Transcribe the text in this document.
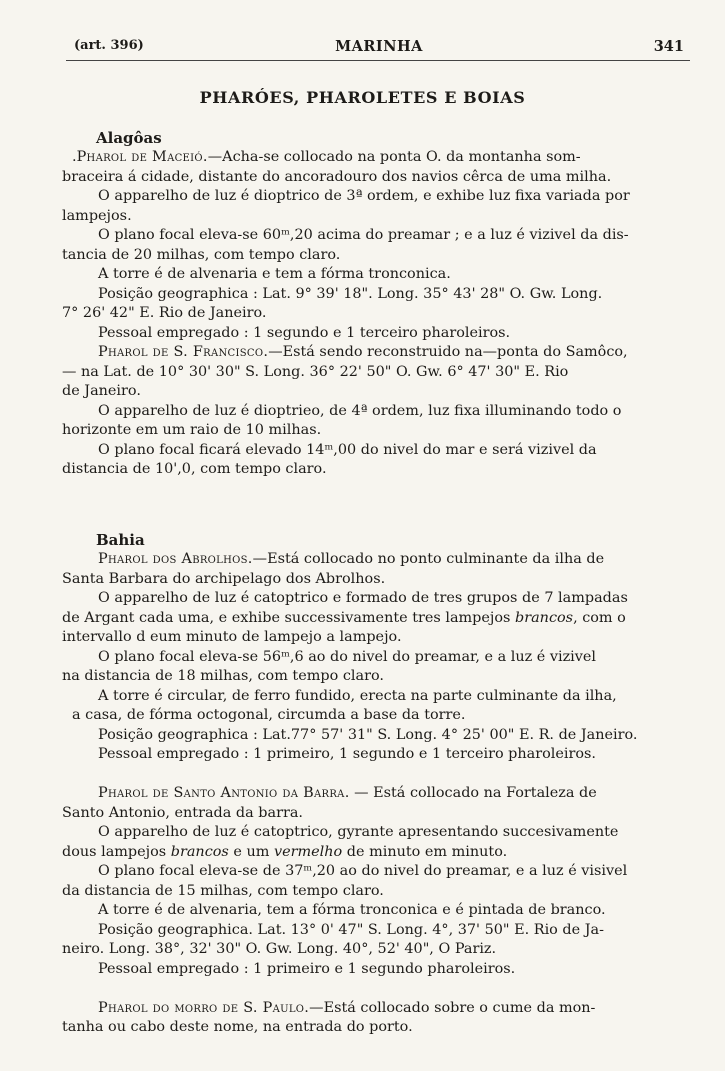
(art. 396)	MARINHA	341
PHARÓES, PHAROLETES E BOIAS
Alagôas
.Pharol de Maceió.—Acha-se collocado na ponta O. da montanha som-
braceira á cidade, distante do ancoradouro dos navios cêrca de uma milha.
O apparelho de luz é dioptrico de 3ª ordem, e exhibe luz fixa variada por
lampejos.
O plano focal eleva-se 60ᵐ,20 acima do preamar ; e a luz é vizivel da dis-
tancia de 20 milhas, com tempo claro.
A torre é de alvenaria e tem a fórma tronconica.
Posição geographica : Lat. 9° 39' 18". Long. 35° 43' 28" O. Gw. Long.
7° 26' 42" E. Rio de Janeiro.
Pessoal empregado : 1 segundo e 1 terceiro pharoleiros.
Pharol de S. Francisco.—Está sendo reconstruido na—ponta do Samôco,
— na Lat. de 10° 30' 30" S. Long. 36° 22' 50" O. Gw. 6° 47' 30" E. Rio
de Janeiro.
O apparelho de luz é dioptrieo, de 4ª ordem, luz fixa illuminando todo o
horizonte em um raio de 10 milhas.
O plano focal ficará elevado 14ᵐ,00 do nivel do mar e será vizivel da
distancia de 10',0, com tempo claro.
Bahia
Pharol dos Abrolhos.—Está collocado no ponto culminante da ilha de
Santa Barbara do archipelago dos Abrolhos.
O apparelho de luz é catoptrico e formado de tres grupos de 7 lampadas
de Argant cada uma, e exhibe successivamente tres lampejos brancos, com o
intervallo d eum minuto de lampejo a lampejo.
O plano focal eleva-se 56ᵐ,6 ao do nivel do preamar, e a luz é vizivel
na distancia de 18 milhas, com tempo claro.
A torre é circular, de ferro fundido, erecta na parte culminante da ilha,
a casa, de fórma octogonal, circumda a base da torre.
Posição geographica : Lat.77° 57' 31" S. Long. 4° 25' 00" E. R. de Janeiro.
Pessoal empregado : 1 primeiro, 1 segundo e 1 terceiro pharoleiros.
Pharol de Santo Antonio da Barra. — Está collocado na Fortaleza de
Santo Antonio, entrada da barra.
O apparelho de luz é catoptrico, gyrante apresentando succesivamente
dous lampejos brancos e um vermelho de minuto em minuto.
O plano focal eleva-se de 37ᵐ,20 ao do nivel do preamar, e a luz é visivel
da distancia de 15 milhas, com tempo claro.
A torre é de alvenaria, tem a fórma tronconica e é pintada de branco.
Posição geographica. Lat. 13° 0' 47" S. Long. 4°, 37' 50" E. Rio de Ja-
neiro. Long. 38°, 32' 30" O. Gw. Long. 40°, 52' 40", O Pariz.
Pessoal empregado : 1 primeiro e 1 segundo pharoleiros.
Pharol do morro de S. Paulo.—Está collocado sobre o cume da mon-
tanha ou cabo deste nome, na entrada do porto.
